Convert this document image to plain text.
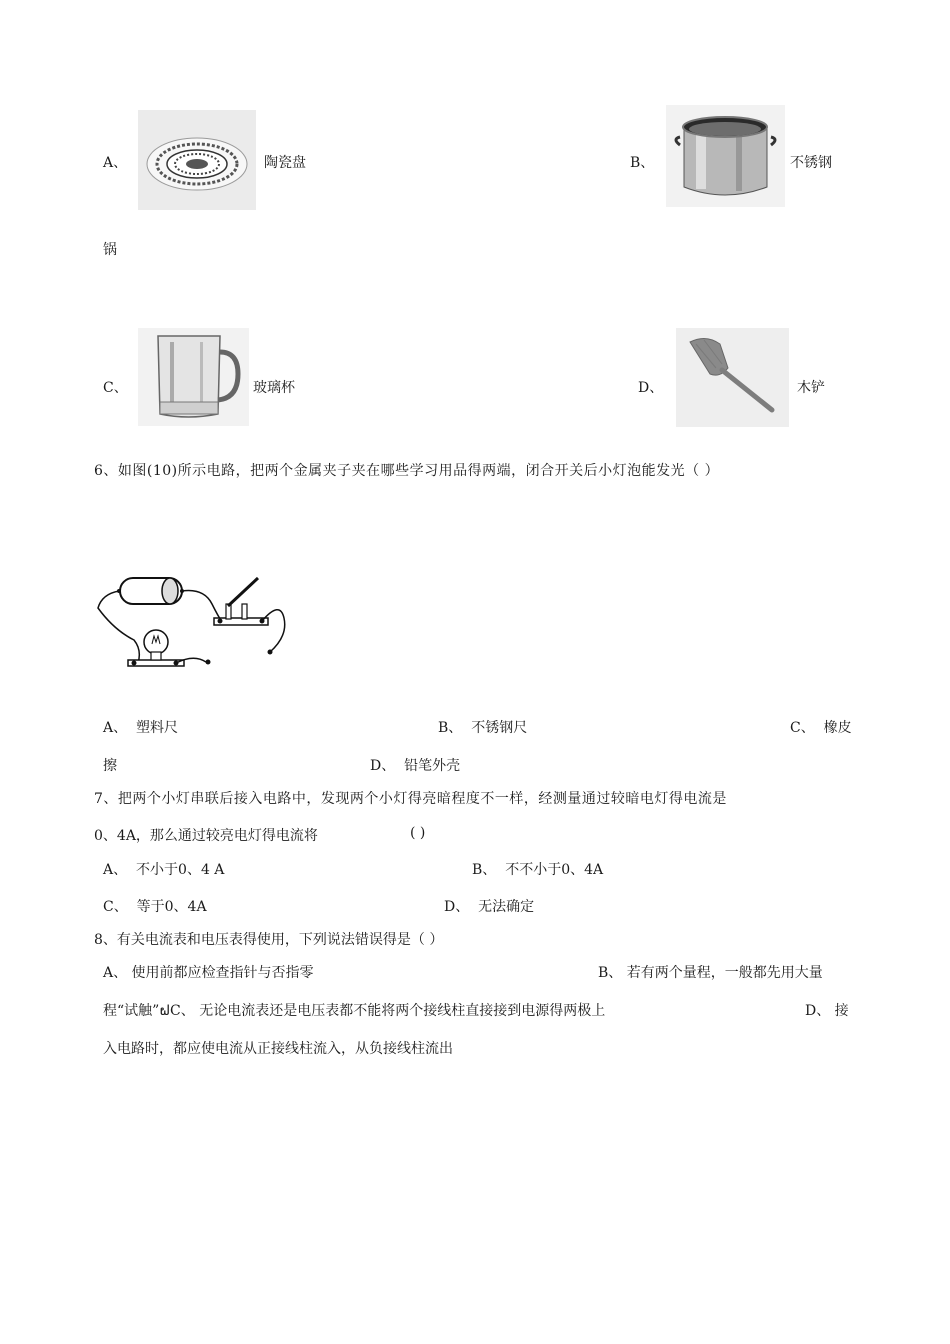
A、	陶瓷盘	B、	不锈钢
锅
C、	玻璃杯	D、	木铲
6、如图(10)所示电路，把两个金属夹子夹在哪些学习用品得两端，闭合开关后小灯泡能发光（ ）
A、 塑料尺	B、 不锈钢尺	C、 橡皮
擦	D、 铅笔外壳
7、把两个小灯串联后接入电路中，发现两个小灯得亮暗程度不一样，经测量通过较暗电灯得电流是
0、4A，那么通过较亮电灯得电流将	( )
A、 不小于0、4 A	B、 不不小于0、4A
C、 等于0、4A	D、 无法确定
8、有关电流表和电压表得使用，下列说法错误得是（ ）
A、 使用前都应检查指针与否指零	B、 若有两个量程，一般都先用大量
程“试触”ຝC、 无论电流表还是电压表都不能将两个接线柱直接接到电源得两极上	D、 接
入电路时，都应使电流从正接线柱流入，从负接线柱流出
